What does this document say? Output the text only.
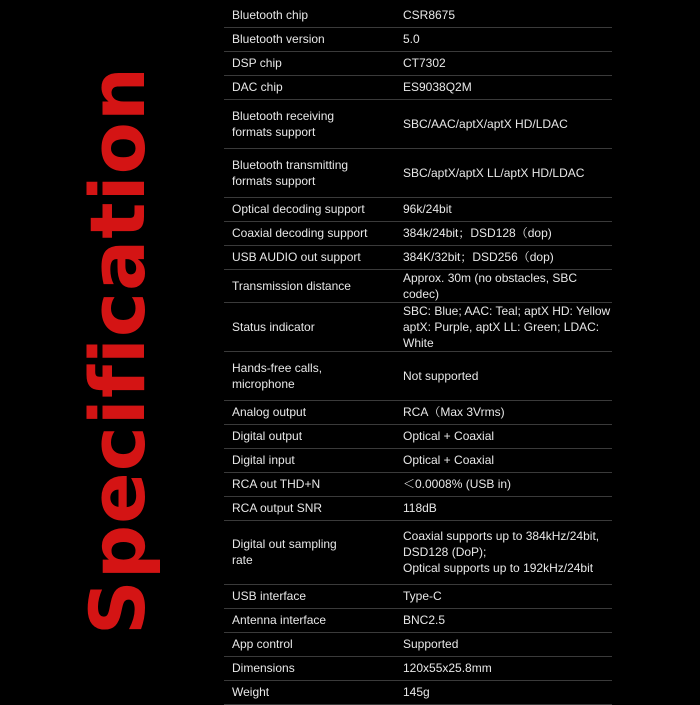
Specification
Bluetooth chip	CSR8675
Bluetooth version	5.0
DSP chip	CT7302
DAC chip	ES9038Q2M
Bluetooth receiving
formats support	SBC/AAC/aptX/aptX HD/LDAC
Bluetooth transmitting
formats support	SBC/aptX/aptX LL/aptX HD/LDAC
Optical decoding support	96k/24bit
Coaxial decoding support	384k/24bit；DSD128（dop)
USB AUDIO out support	384K/32bit；DSD256（dop)
Transmission distance	Approx. 30m (no obstacles, SBC codec)
Status indicator	SBC: Blue; AAC: Teal; aptX HD: Yellow
aptX: Purple, aptX LL: Green; LDAC: White
Hands-free calls,
microphone	Not supported
Analog output	RCA（Max 3Vrms)
Digital output	Optical + Coaxial
Digital input	Optical + Coaxial
RCA out THD+N	＜0.0008% (USB in)
RCA output SNR	118dB
Digital out sampling
rate	Coaxial supports up to 384kHz/24bit,
DSD128 (DoP);
Optical supports up to 192kHz/24bit
USB interface	Type-C
Antenna interface	BNC2.5
App control	Supported
Dimensions	120x55x25.8mm
Weight	145g
